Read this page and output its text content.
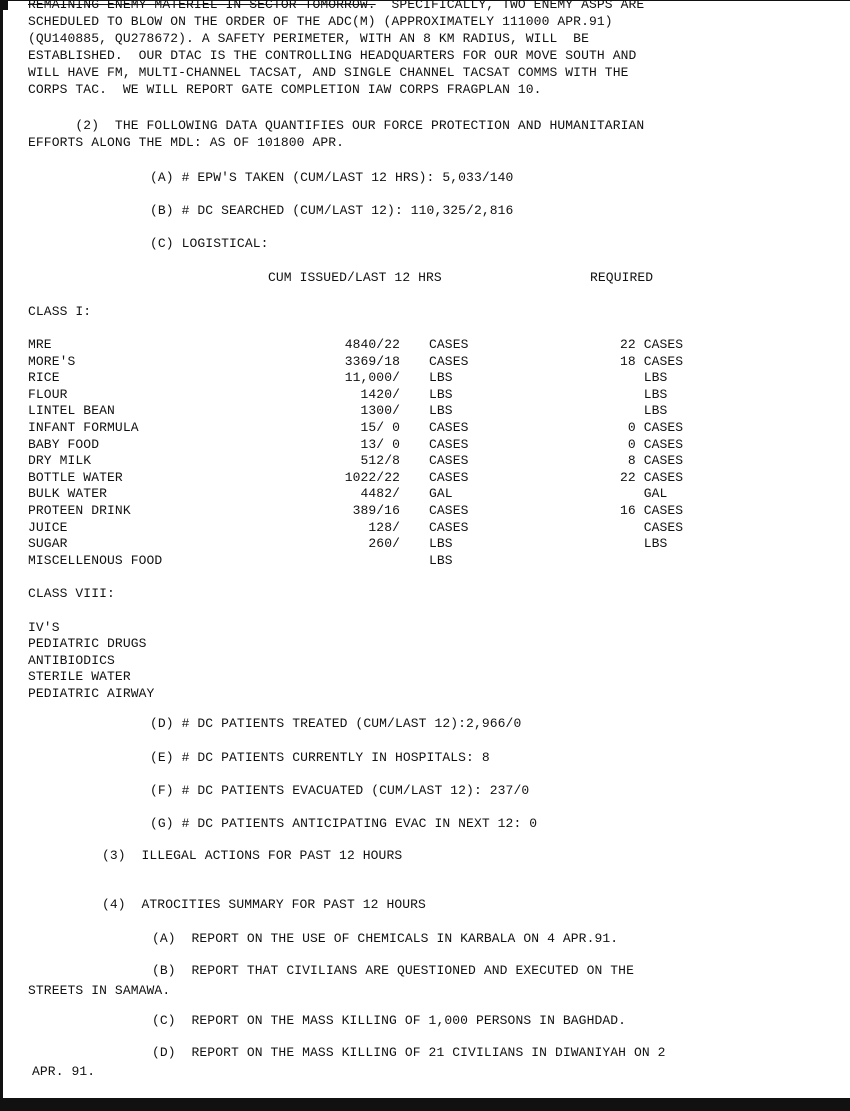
REMAINING ENEMY MATERIEL IN SECTOR TOMORROW.  SPECIFICALLY, TWO ENEMY ASPS ARE
SCHEDULED TO BLOW ON THE ORDER OF THE ADC(M) (APPROXIMATELY 111000 APR.91)
(QU140885, QU278672). A SAFETY PERIMETER, WITH AN 8 KM RADIUS, WILL  BE
ESTABLISHED.  OUR DTAC IS THE CONTROLLING HEADQUARTERS FOR OUR MOVE SOUTH AND
WILL HAVE FM, MULTI-CHANNEL TACSAT, AND SINGLE CHANNEL TACSAT COMMS WITH THE
CORPS TAC.  WE WILL REPORT GATE COMPLETION IAW CORPS FRAGPLAN 10.
(2)  THE FOLLOWING DATA QUANTIFIES OUR FORCE PROTECTION AND HUMANITARIAN
EFFORTS ALONG THE MDL: AS OF 101800 APR.
(A) # EPW'S TAKEN (CUM/LAST 12 HRS): 5,033/140
(B) # DC SEARCHED (CUM/LAST 12): 110,325/2,816
(C) LOGISTICAL:
CUM ISSUED/LAST 12 HRS	REQUIRED
CLASS I:
MRE	4840/22 CASES	22 CASES
MORE'S	3369/18 CASES	18 CASES
RICE	11,000/ LBS	LBS
FLOUR	1420/ LBS	LBS
LINTEL BEAN	1300/ LBS	LBS
INFANT FORMULA	15/ 0 CASES	0 CASES
BABY FOOD	13/ 0 CASES	0 CASES
DRY MILK	512/8 CASES	8 CASES
BOTTLE WATER	1022/22 CASES	22 CASES
BULK WATER	4482/ GAL	GAL
PROTEEN DRINK	389/16 CASES	16 CASES
JUICE	128/ CASES	CASES
SUGAR	260/ LBS	LBS
MISCELLENOUS FOOD	LBS
CLASS VIII:
IV'S
PEDIATRIC DRUGS
ANTIBIODICS
STERILE WATER
PEDIATRIC AIRWAY
(D) # DC PATIENTS TREATED (CUM/LAST 12):2,966/0
(E) # DC PATIENTS CURRENTLY IN HOSPITALS: 8
(F) # DC PATIENTS EVACUATED (CUM/LAST 12): 237/0
(G) # DC PATIENTS ANTICIPATING EVAC IN NEXT 12: 0
(3)  ILLEGAL ACTIONS FOR PAST 12 HOURS
(4)  ATROCITIES SUMMARY FOR PAST 12 HOURS
(A)  REPORT ON THE USE OF CHEMICALS IN KARBALA ON 4 APR.91.
(B)  REPORT THAT CIVILIANS ARE QUESTIONED AND EXECUTED ON THE
STREETS IN SAMAWA.
(C)  REPORT ON THE MASS KILLING OF 1,000 PERSONS IN BAGHDAD.
(D)  REPORT ON THE MASS KILLING OF 21 CIVILIANS IN DIWANIYAH ON 2
APR. 91.
